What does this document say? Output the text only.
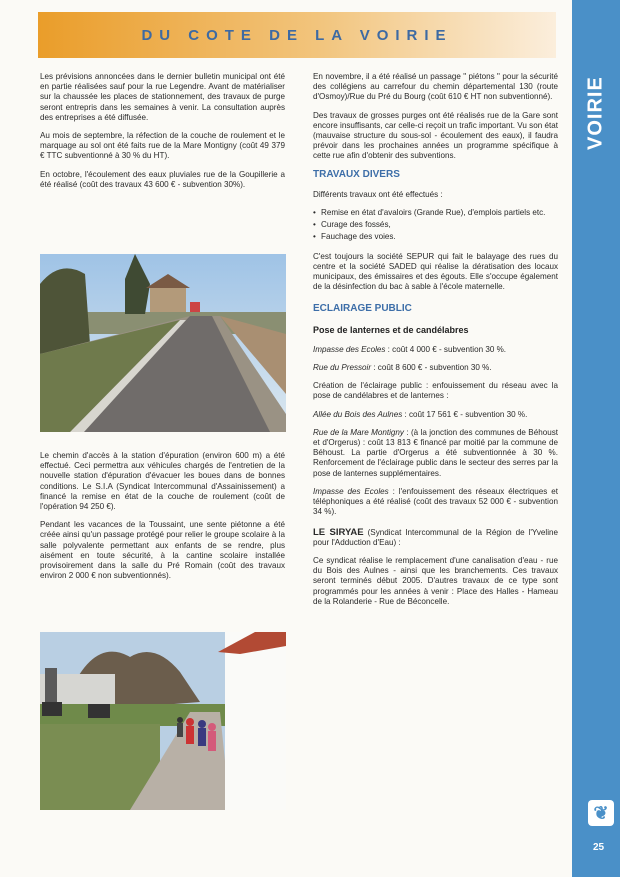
VOIRIE
❦
25
DU COTE DE LA VOIRIE

Les prévisions annoncées dans le dernier bulletin municipal ont été en partie réalisées sauf pour la rue Legendre. Avant de matérialiser sur la chaussée les places de stationnement, des travaux de purge seront entrepris dans les semaines à venir. La consultation auprès des entreprises a été diffusée.

Au mois de septembre, la réfection de la couche de roulement et le marquage au sol ont été faits rue de la Mare Montigny (coût 49 379 € TTC subventionné à 30 % du HT).

En octobre, l'écoulement des eaux pluviales rue de la Goupillerie a été réalisé (coût des travaux 43 600 € - subvention 30%).

Le chemin d'accès à la station d'épuration (environ 600 m) a été effectué. Ceci permettra aux véhicules chargés de l'entretien de la nouvelle station d'épuration d'évacuer les boues dans de bonnes conditions. Le S.I.A (Syndicat Intercommunal d'Assainissement) a financé la remise en état de la couche de roulement (coût de l'opération 94 250 €).

Pendant les vacances de la Toussaint, une sente piétonne a été créée ainsi qu'un passage protégé pour relier le groupe scolaire à la salle polyvalente permettant aux enfants de se rendre, plus aisément en toute sécurité, à la cantine scolaire installée provisoirement dans la salle du Pré Romain (coût des travaux environ 2 000 € non subventionnés).

En novembre, il a été réalisé un passage " piétons " pour la sécurité des collégiens au carrefour du chemin départemental 130 (route d'Osmoy)/Rue du Pré du Bourg (coût 610 € HT non subventionné).

Des travaux de grosses purges ont été réalisés rue de la Gare sont encore insuffisants, car celle-ci reçoit un trafic important. Vu son état (mauvaise structure du sous-sol - écoulement des eaux), il faudra prévoir dans les prochaines années un programme spécifique à cette rue afin d'obtenir des subventions.

TRAVAUX DIVERS

Différents travaux ont été effectués :

• Remise en état d'avaloirs (Grande Rue), d'emplois partiels etc.
• Curage des fossés,
• Fauchage des voies.

C'est toujours la société SEPUR qui fait le balayage des rues du centre et la société SADED qui réalise la dératisation des locaux municipaux, des émissaires et des égouts. Elle s'occupe également de la désinfection du bac à sable à l'école maternelle.

ECLAIRAGE PUBLIC
Pose de lanternes et de candélabres

Impasse des Ecoles : coût 4 000 € - subvention 30 %.

Rue du Pressoir : coût 8 600 € - subvention 30 %.

Création de l'éclairage public : enfouissement du réseau avec la pose de candélabres et de lanternes :

Allée du Bois des Aulnes : coût 17 561 € - subvention 30 %.

Rue de la Mare Montigny : (à la jonction des communes de Béhoust et d'Orgerus) : coût 13 813 € financé par moitié par la commune de Béhoust. La partie d'Orgerus a été subventionnée à 30 %. Renforcement de l'éclairage public dans le secteur des serres par la pose de lanternes supplémentaires.

Impasse des Ecoles : l'enfouissement des réseaux électriques et téléphoniques a été réalisé (coût des travaux 52 000 € - subvention 34 %).

LE SIRYAE (Syndicat Intercommunal de la Région de l'Yveline pour l'Adduction d'Eau) :

Ce syndicat réalise le remplacement d'une canalisation d'eau - rue du Bois des Aulnes - ainsi que les branchements. Ces travaux seront terminés début 2005. D'autres travaux de ce type sont programmés pour les années à venir : Place des Halles - Hameau de la Rolanderie - Rue de Béconcelle.
